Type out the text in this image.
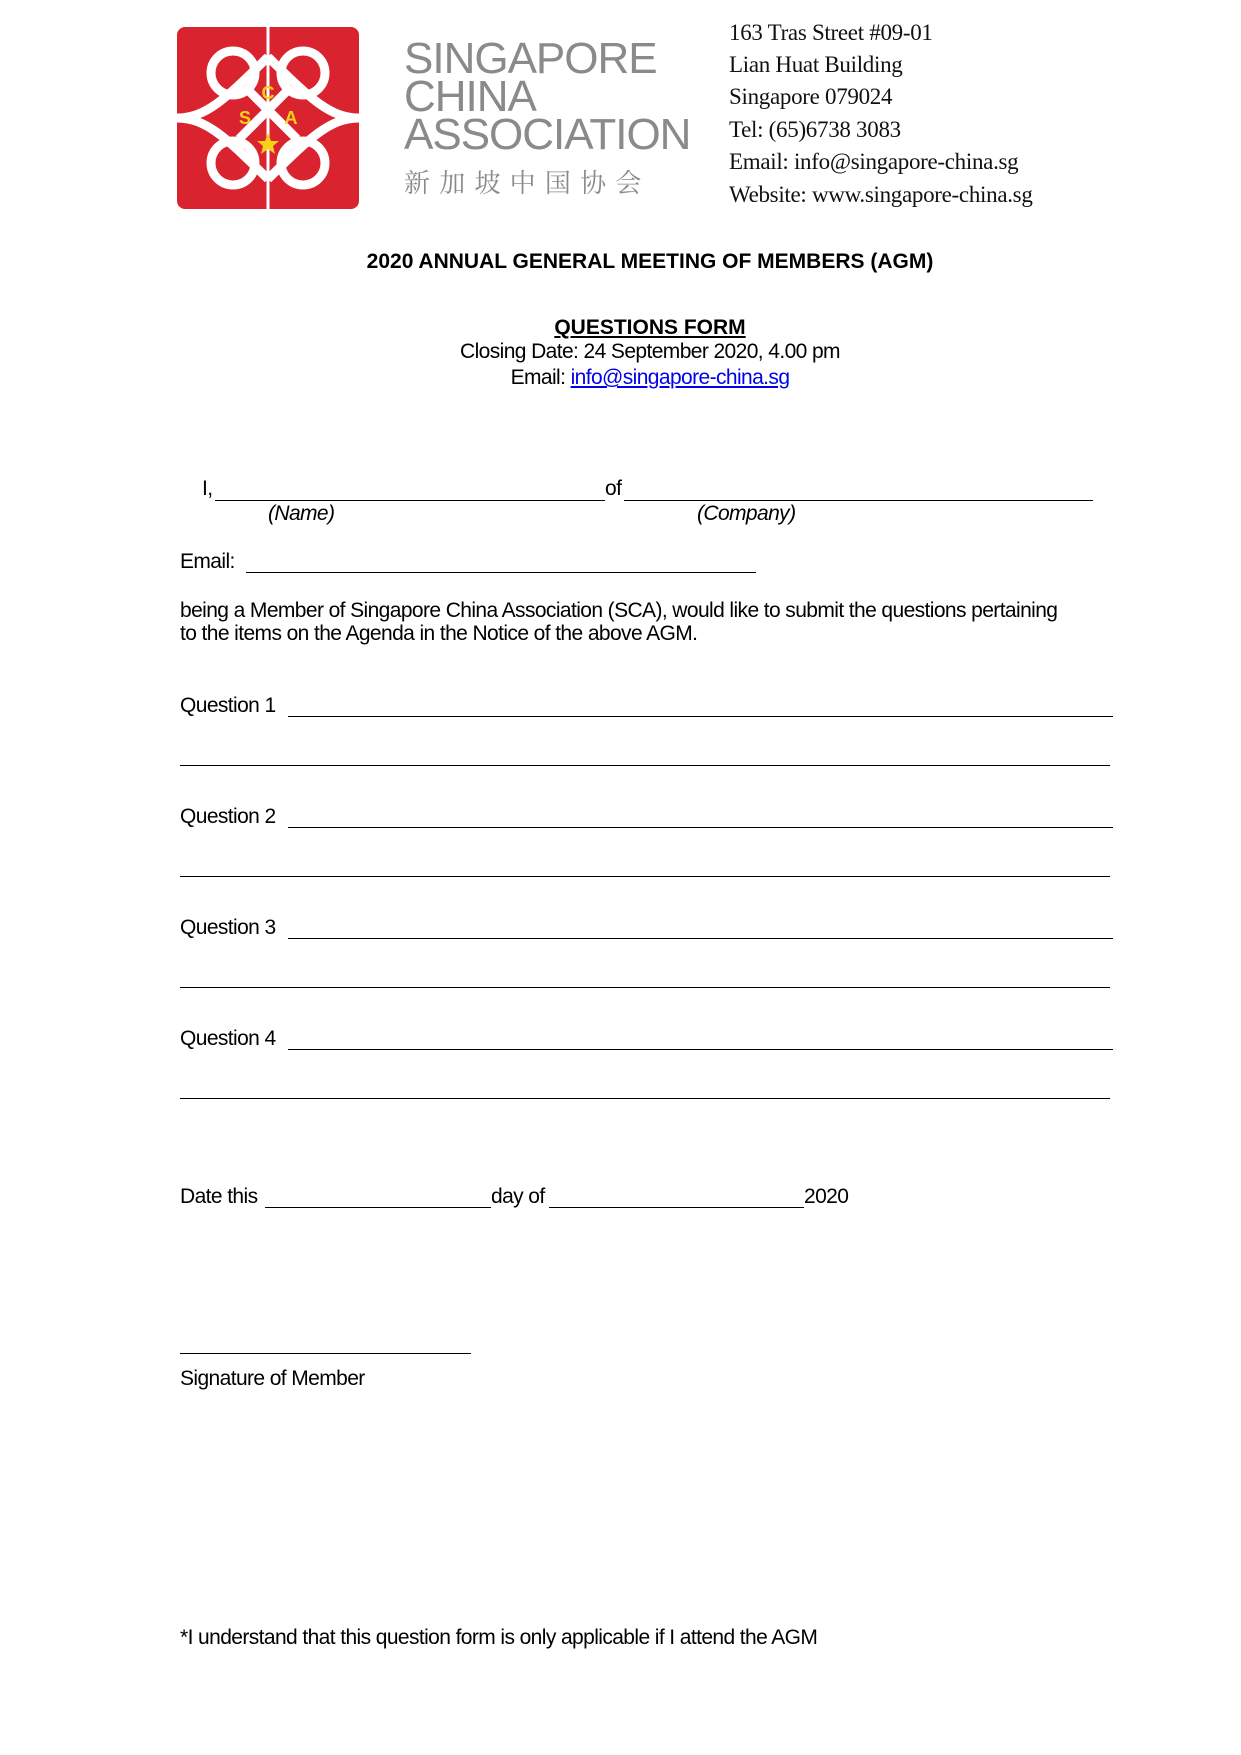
C
S A
SINGAPORE
CHINA
ASSOCIATION
新 加 坡 中 国 协 会
163 Tras Street #09-01
Lian Huat Building
Singapore 079024
Tel: (65)6738 3083
Email: info@singapore-china.sg
Website: www.singapore-china.sg
2020 ANNUAL GENERAL MEETING OF MEMBERS (AGM)
QUESTIONS FORM
Closing Date: 24 September 2020, 4.00 pm
Email: info@singapore-china.sg
I,	of
(Name)	(Company)
Email:
being a Member of Singapore China Association (SCA), would like to submit the questions pertaining
to the items on the Agenda in the Notice of the above AGM.
Question 1
Question 2
Question 3
Question 4
Date this	day of	2020
Signature of Member
*I understand that this question form is only applicable if I attend the AGM
